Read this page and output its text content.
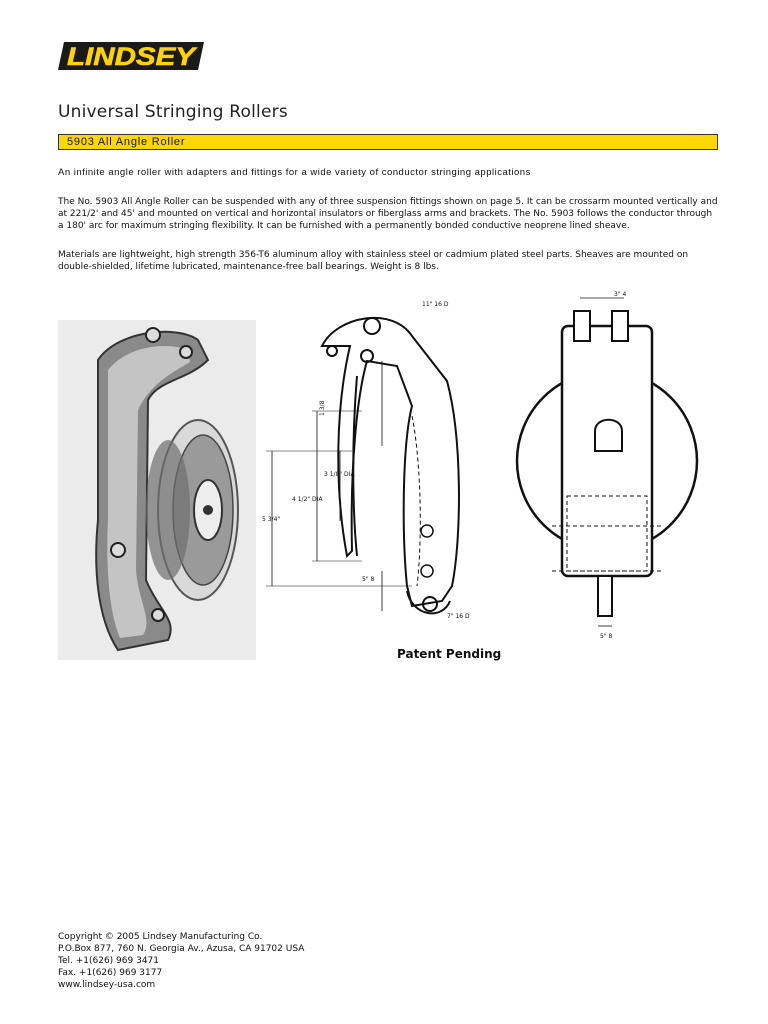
LINDSEY
Universal Stringing Rollers
5903 All Angle Roller
An infinite angle roller with adapters and fittings for a wide variety of conductor stringing applications
The No. 5903 All Angle Roller can be suspended with any of three suspension fittings shown on page 5. It can be crossarm mounted vertically and at 221/2' and 45' and mounted on vertical and horizontal insulators or fiberglass arms and brackets. The No. 5903 follows the conductor through a 180' arc for maximum stringing flexibility. It can be furnished with a permanently bonded conductive neoprene lined sheave.
Materials are lightweight, high strength 356-T6 aluminum alloy with stainless steel or cadmium plated steel parts. Sheaves are mounted on double-shielded, lifetime lubricated, maintenance-free ball bearings. Weight is 8 lbs.
11" 16 D
1 3/8
3 1/8" DIA
4 1/2" DIA
5 3/4"
5" 8
7" 16 D
3" 4
5" 8
Patent Pending
Copyright © 2005 Lindsey Manufacturing Co.
P.O.Box 877, 760 N. Georgia Av., Azusa, CA 91702 USA
Tel. +1(626) 969 3471
Fax. +1(626) 969 3177
www.lindsey-usa.com
